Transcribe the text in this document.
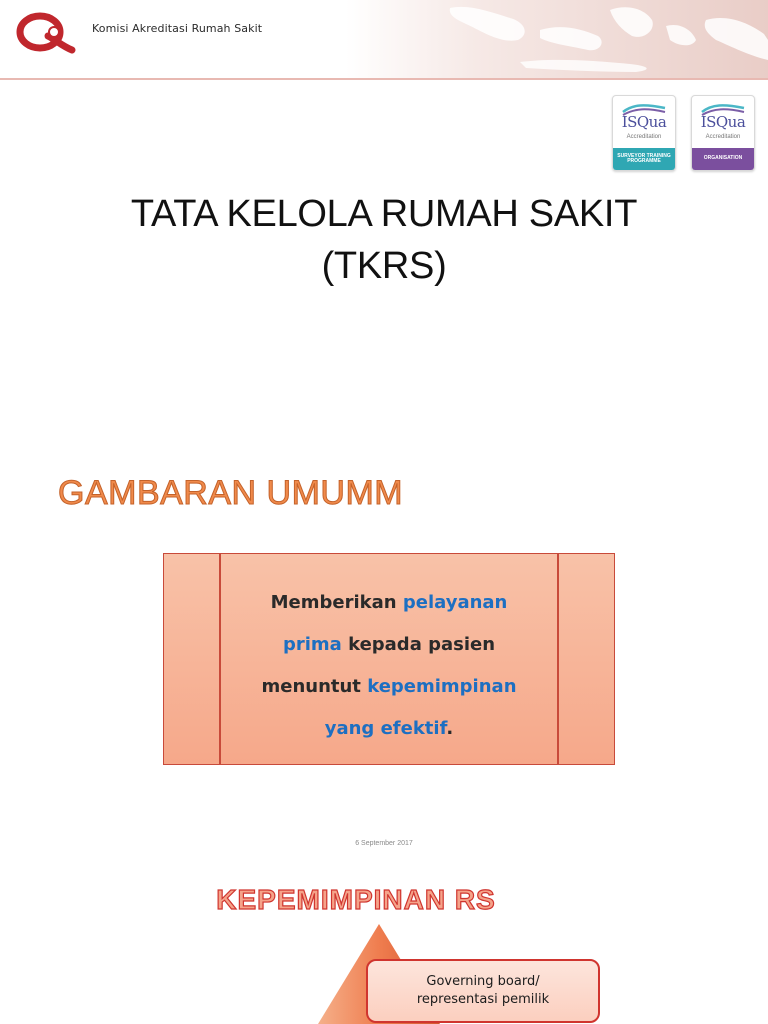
Komisi Akreditasi Rumah Sakit
ISQua
Accreditation
SURVEYOR TRAINING
PROGRAMME
ISQua
Accreditation
ORGANISATION
TATA KELOLA RUMAH SAKIT
(TKRS)
GAMBARAN UMUMM
Memberikan pelayanan
prima kepada pasien
menuntut kepemimpinan
yang efektif.
6 September 2017
KEPEMIMPINAN RS
Governing board/
representasi pemilik
